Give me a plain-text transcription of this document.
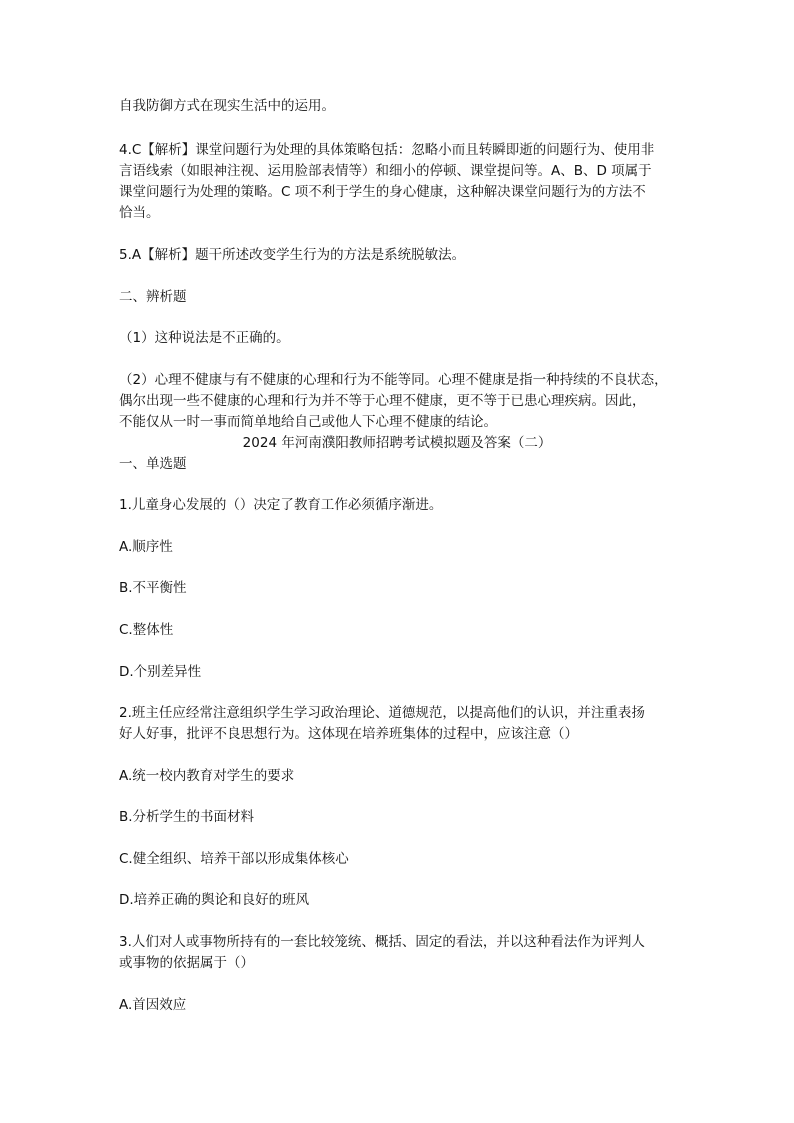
自我防御方式在现实生活中的运用。
4.C【解析】课堂问题行为处理的具体策略包括：忽略小而且转瞬即逝的问题行为、使用非
言语线索（如眼神注视、运用脸部表情等）和细小的停顿、课堂提问等。A、B、D 项属于
课堂问题行为处理的策略。C 项不利于学生的身心健康，这种解决课堂问题行为的方法不
恰当。
5.A【解析】题干所述改变学生行为的方法是系统脱敏法。
二、辨析题
（1）这种说法是不正确的。
（2）心理不健康与有不健康的心理和行为不能等同。心理不健康是指一种持续的不良状态，
偶尔出现一些不健康的心理和行为并不等于心理不健康，更不等于已患心理疾病。因此，
不能仅从一时一事而简单地给自己或他人下心理不健康的结论。
2024 年河南濮阳教师招聘考试模拟题及答案（二）
一、单选题
1.儿童身心发展的（）决定了教育工作必须循序渐进。
A.顺序性
B.不平衡性
C.整体性
D.个别差异性
2.班主任应经常注意组织学生学习政治理论、道德规范，以提高他们的认识，并注重表扬
好人好事，批评不良思想行为。这体现在培养班集体的过程中，应该注意（）
A.统一校内教育对学生的要求
B.分析学生的书面材料
C.健全组织、培养干部以形成集体核心
D.培养正确的舆论和良好的班风
3.人们对人或事物所持有的一套比较笼统、概括、固定的看法，并以这种看法作为评判人
或事物的依据属于（）
A.首因效应
